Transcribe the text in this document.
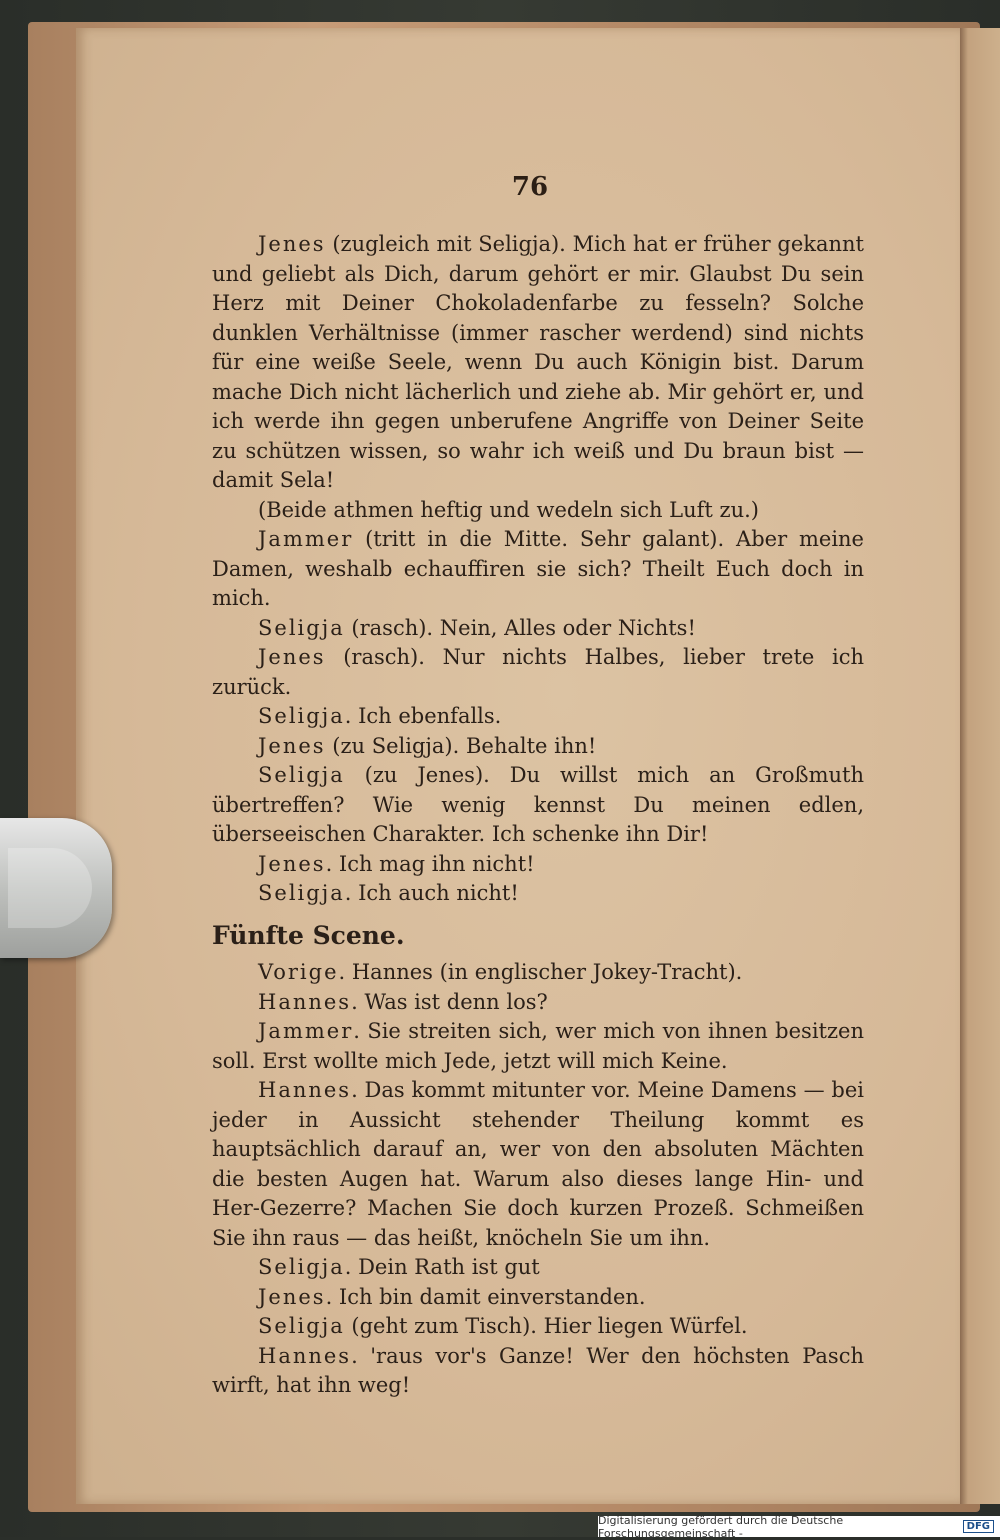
76

Jenes (zugleich mit Seligja). Mich hat er früher gekannt und geliebt als Dich, darum gehört er mir. Glaubst Du sein Herz mit Deiner Chokoladenfarbe zu fesseln? Solche dunklen Verhältnisse (immer rascher werdend) sind nichts für eine weiße Seele, wenn Du auch Königin bist. Darum mache Dich nicht lächerlich und ziehe ab. Mir gehört er, und ich werde ihn gegen unberufene Angriffe von Deiner Seite zu schützen wissen, so wahr ich weiß und Du braun bist — damit Sela!

(Beide athmen heftig und wedeln sich Luft zu.)

Jammer (tritt in die Mitte. Sehr galant). Aber meine Damen, weshalb echauffiren sie sich? Theilt Euch doch in mich.

Seligja (rasch). Nein, Alles oder Nichts!

Jenes (rasch). Nur nichts Halbes, lieber trete ich zurück.

Seligja. Ich ebenfalls.

Jenes (zu Seligja). Behalte ihn!

Seligja (zu Jenes). Du willst mich an Großmuth übertreffen? Wie wenig kennst Du meinen edlen, überseeischen Charakter. Ich schenke ihn Dir!

Jenes. Ich mag ihn nicht!

Seligja. Ich auch nicht!

Fünfte Scene.

Vorige. Hannes (in englischer Jokey-Tracht).

Hannes. Was ist denn los?

Jammer. Sie streiten sich, wer mich von ihnen besitzen soll. Erst wollte mich Jede, jetzt will mich Keine.

Hannes. Das kommt mitunter vor. Meine Damens — bei jeder in Aussicht stehender Theilung kommt es hauptsächlich darauf an, wer von den absoluten Mächten die besten Augen hat. Warum also dieses lange Hin- und Her-Gezerre? Machen Sie doch kurzen Prozeß. Schmeißen Sie ihn raus — das heißt, knöcheln Sie um ihn.

Seligja. Dein Rath ist gut

Jenes. Ich bin damit einverstanden.

Seligja (geht zum Tisch). Hier liegen Würfel.

Hannes. 'raus vor's Ganze! Wer den höchsten Pasch wirft, hat ihn weg!

Digitalisierung gefördert durch die Deutsche Forschungsgemeinschaft -	DFG
